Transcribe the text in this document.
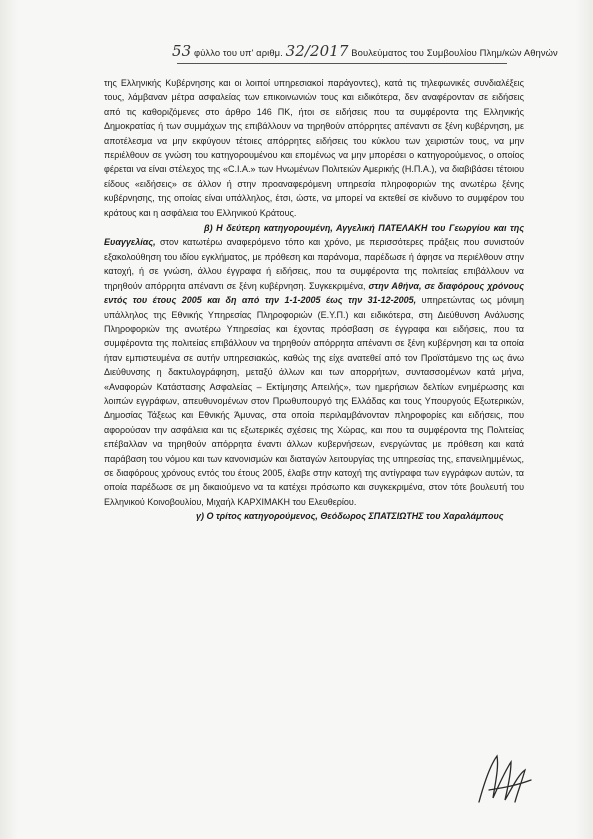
53 φύλλο του υπ' αριθμ. 32/2017 Βουλεύματος του Συμβουλίου Πλημ/κών Αθηνών

της Ελληνικής Κυβέρνησης και οι λοιποί υπηρεσιακοί παράγοντες), κατά τις τηλεφωνικές συνδιαλέξεις τους, λάμβαναν μέτρα ασφαλείας των επικοινωνιών τους και ειδικότερα, δεν αναφέρονταν σε ειδήσεις από τις καθοριζόμενες στο άρθρο 146 ΠΚ, ήτοι σε ειδήσεις που τα συμφέροντα της Ελληνικής Δημοκρατίας ή των συμμάχων της επιβάλλουν να τηρηθούν απόρρητες απέναντι σε ξένη κυβέρνηση, με αποτέλεσμα να μην εκφύγουν τέτοιες απόρρητες ειδήσεις του κύκλου των χειριστών τους, να μην περιέλθουν σε γνώση του κατηγορουμένου και επομένως να μην μπορέσει ο κατηγορούμενος, ο οποίος φέρεται να είναι στέλεχος της «C.I.A.» των Ηνωμένων Πολιτειών Αμερικής (Η.Π.Α.), να διαβιβάσει τέτοιου είδους «ειδήσεις» σε άλλον ή στην προαναφερόμενη υπηρεσία πληροφοριών της ανωτέρω ξένης κυβέρνησης, της οποίας είναι υπάλληλος, έτσι, ώστε, να μπορεί να εκτεθεί σε κίνδυνο το συμφέρον του κράτους και η ασφάλεια του Ελληνικού Κράτους.

β) Η δεύτερη κατηγορουμένη, Αγγελική ΠΑΤΕΛΑΚΗ του Γεωργίου και της Ευαγγελίας, στον κατωτέρω αναφερόμενο τόπο και χρόνο, με περισσότερες πράξεις που συνιστούν εξακολούθηση του ιδίου εγκλήματος, με πρόθεση και παράνομα, παρέδωσε ή άφησε να περιέλθουν στην κατοχή, ή σε γνώση, άλλου έγγραφα ή ειδήσεις, που τα συμφέροντα της πολιτείας επιβάλλουν να τηρηθούν απόρρητα απέναντι σε ξένη κυβέρνηση. Συγκεκριμένα, στην Αθήνα, σε διαφόρους χρόνους εντός του έτους 2005 και δη από την 1-1-2005 έως την 31-12-2005, υπηρετώντας ως μόνιμη υπάλληλος της Εθνικής Υπηρεσίας Πληροφοριών (Ε.Υ.Π.) και ειδικότερα, στη Διεύθυνση Ανάλυσης Πληροφοριών της ανωτέρω Υπηρεσίας και έχοντας πρόσβαση σε έγγραφα και ειδήσεις, που τα συμφέροντα της πολιτείας επιβάλλουν να τηρηθούν απόρρητα απέναντι σε ξένη κυβέρνηση και τα οποία ήταν εμπιστευμένα σε αυτήν υπηρεσιακώς, καθώς της είχε ανατεθεί από τον Προϊστάμενο της ως άνω Διεύθυνσης η δακτυλογράφηση, μεταξύ άλλων και των απορρήτων, συντασσομένων κατά μήνα, «Αναφορών Κατάστασης Ασφαλείας – Εκτίμησης Απειλής», των ημερήσιων δελτίων ενημέρωσης και λοιπών εγγράφων, απευθυνομένων στον Πρωθυπουργό της Ελλάδας και τους Υπουργούς Εξωτερικών, Δημοσίας Τάξεως και Εθνικής Άμυνας, στα οποία περιλαμβάνονταν πληροφορίες και ειδήσεις, που αφορούσαν την ασφάλεια και τις εξωτερικές σχέσεις της Χώρας, και που τα συμφέροντα της Πολιτείας επέβαλλαν να τηρηθούν απόρρητα έναντι άλλων κυβερνήσεων, ενεργώντας με πρόθεση και κατά παράβαση του νόμου και των κανονισμών και διαταγών λειτουργίας της υπηρεσίας της, επανειλημμένως, σε διαφόρους χρόνους εντός του έτους 2005, έλαβε στην κατοχή της αντίγραφα των εγγράφων αυτών, τα οποία παρέδωσε σε μη δικαιούμενο να τα κατέχει πρόσωπο και συγκεκριμένα, στον τότε βουλευτή του Ελληνικού Κοινοβουλίου, Μιχαήλ ΚΑΡΧΙΜΑΚΗ του Ελευθερίου.

γ) Ο τρίτος κατηγορούμενος, Θεόδωρος ΣΠΑΤΣΙΩΤΗΣ του Χαραλάμπους
